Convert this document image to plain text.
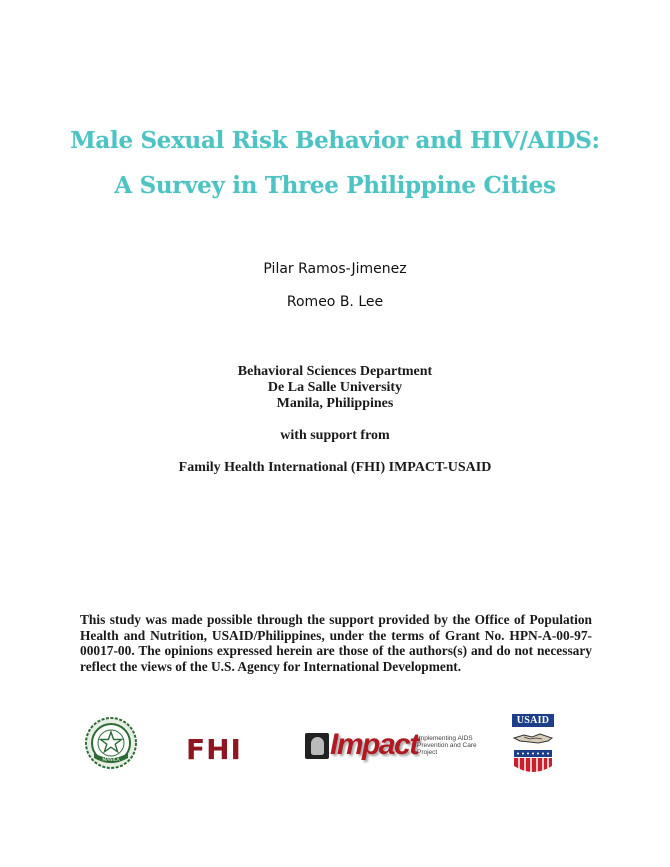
Male Sexual Risk Behavior and HIV/AIDS:
A Survey in Three Philippine Cities
Pilar Ramos-Jimenez
Romeo B. Lee
Behavioral Sciences Department
De La Salle University
Manila, Philippines
with support from
Family Health International (FHI) IMPACT-USAID
This study was made possible through the support provided by the Office of Population Health and Nutrition, USAID/Philippines, under the terms of Grant No. HPN-A-00-97-00017-00. The opinions expressed herein are those of the authors(s) and do not necessary reflect the views of the U.S. Agency for International Development.
MANILA FHI	Impact Implementing AIDS Prevention and Care Project
USAID
